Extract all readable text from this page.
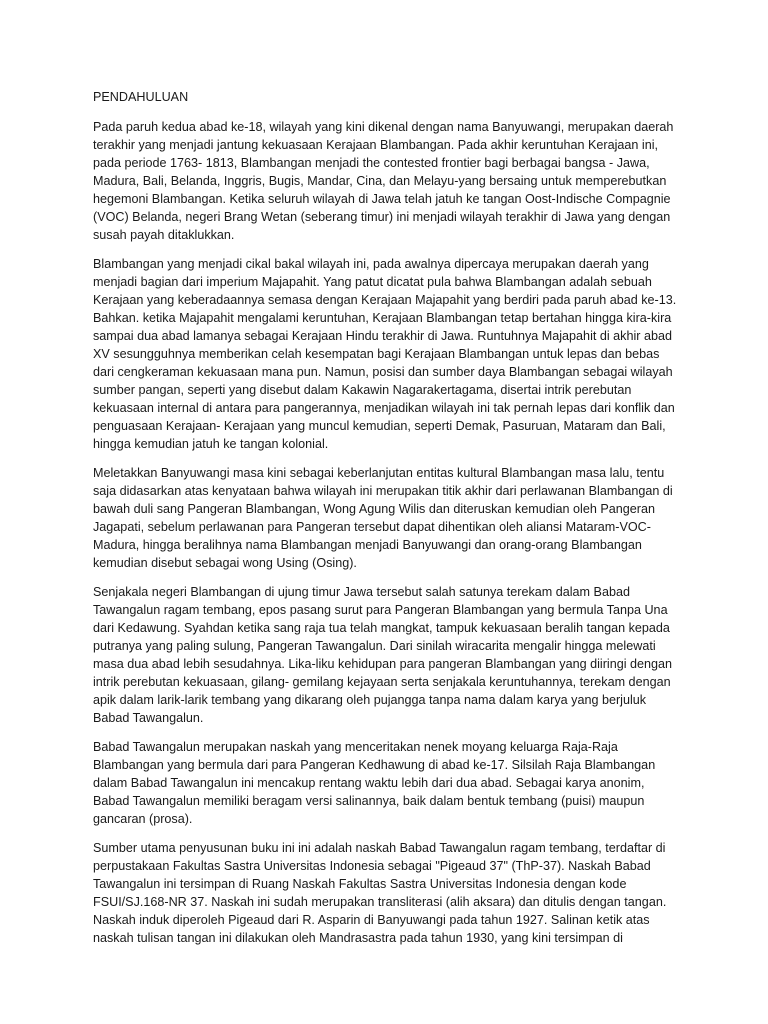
PENDAHULUAN

Pada paruh kedua abad ke-18, wilayah yang kini dikenal dengan nama Banyuwangi, merupakan daerah terakhir yang menjadi jantung kekuasaan Kerajaan Blambangan. Pada akhir keruntuhan Kerajaan ini, pada periode 1763- 1813, Blambangan menjadi the contested frontier bagi berbagai bangsa - Jawa, Madura, Bali, Belanda, Inggris, Bugis, Mandar, Cina, dan Melayu-yang bersaing untuk memperebutkan hegemoni Blambangan. Ketika seluruh wilayah di Jawa telah jatuh ke tangan Oost-Indische Compagnie (VOC) Belanda, negeri Brang Wetan (seberang timur) ini menjadi wilayah terakhir di Jawa yang dengan susah payah ditaklukkan.

Blambangan yang menjadi cikal bakal wilayah ini, pada awalnya dipercaya merupakan daerah yang menjadi bagian dari imperium Majapahit. Yang patut dicatat pula bahwa Blambangan adalah sebuah Kerajaan yang keberadaannya semasa dengan Kerajaan Majapahit yang berdiri pada paruh abad ke-13. Bahkan. ketika Majapahit mengalami keruntuhan, Kerajaan Blambangan tetap bertahan hingga kira-kira sampai dua abad lamanya sebagai Kerajaan Hindu terakhir di Jawa. Runtuhnya Majapahit di akhir abad XV sesungguhnya memberikan celah kesempatan bagi Kerajaan Blambangan untuk lepas dan bebas dari cengkeraman kekuasaan mana pun. Namun, posisi dan sumber daya Blambangan sebagai wilayah sumber pangan, seperti yang disebut dalam Kakawin Nagarakertagama, disertai intrik perebutan kekuasaan internal di antara para pangerannya, menjadikan wilayah ini tak pernah lepas dari konflik dan penguasaan Kerajaan- Kerajaan yang muncul kemudian, seperti Demak, Pasuruan, Mataram dan Bali, hingga kemudian jatuh ke tangan kolonial.

Meletakkan Banyuwangi masa kini sebagai keberlanjutan entitas kultural Blambangan masa lalu, tentu saja didasarkan atas kenyataan bahwa wilayah ini merupakan titik akhir dari perlawanan Blambangan di bawah duli sang Pangeran Blambangan, Wong Agung Wilis dan diteruskan kemudian oleh Pangeran Jagapati, sebelum perlawanan para Pangeran tersebut dapat dihentikan oleh aliansi Mataram-VOC-Madura, hingga beralihnya nama Blambangan menjadi Banyuwangi dan orang-orang Blambangan kemudian disebut sebagai wong Using (Osing).

Senjakala negeri Blambangan di ujung timur Jawa tersebut salah satunya terekam dalam Babad Tawangalun ragam tembang, epos pasang surut para Pangeran Blambangan yang bermula Tanpa Una dari Kedawung. Syahdan ketika sang raja tua telah mangkat, tampuk kekuasaan beralih tangan kepada putranya yang paling sulung, Pangeran Tawangalun. Dari sinilah wiracarita mengalir hingga melewati masa dua abad lebih sesudahnya. Lika-liku kehidupan para pangeran Blambangan yang diiringi dengan intrik perebutan kekuasaan, gilang- gemilang kejayaan serta senjakala keruntuhannya, terekam dengan apik dalam larik-larik tembang yang dikarang oleh pujangga tanpa nama dalam karya yang berjuluk Babad Tawangalun.

Babad Tawangalun merupakan naskah yang menceritakan nenek moyang keluarga Raja-Raja Blambangan yang bermula dari para Pangeran Kedhawung di abad ke-17. Silsilah Raja Blambangan dalam Babad Tawangalun ini mencakup rentang waktu lebih dari dua abad. Sebagai karya anonim, Babad Tawangalun memiliki beragam versi salinannya, baik dalam bentuk tembang (puisi) maupun gancaran (prosa).

Sumber utama penyusunan buku ini ini adalah naskah Babad Tawangalun ragam tembang, terdaftar di perpustakaan Fakultas Sastra Universitas Indonesia sebagai "Pigeaud 37" (ThP-37). Naskah Babad Tawangalun ini tersimpan di Ruang Naskah Fakultas Sastra Universitas Indonesia dengan kode FSUI/SJ.168-NR 37. Naskah ini sudah merupakan transliterasi (alih aksara) dan ditulis dengan tangan. Naskah induk diperoleh Pigeaud dari R. Asparin di Banyuwangi pada tahun 1927. Salinan ketik atas naskah tulisan tangan ini dilakukan oleh Mandrasastra pada tahun 1930, yang kini tersimpan di
